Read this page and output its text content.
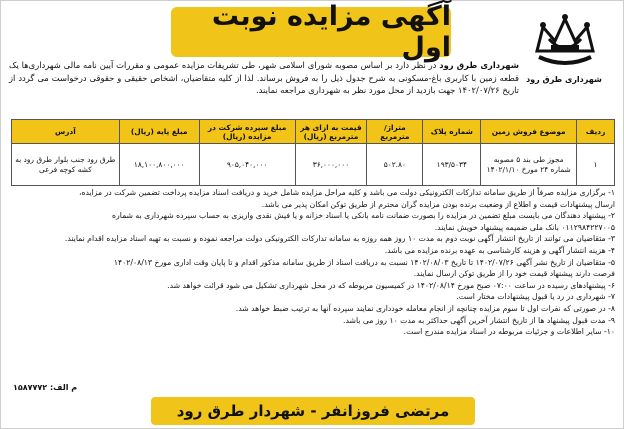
آگهی مزایده نوبت اول
شهرداری طرق رود

شهرداری طرق رود در نظر دارد بر اساس مصوبه شورای اسلامی شهر، طی تشریفات مزایده عمومی و مقررات آیین نامه مالی شهرداری‌ها یک قطعه زمین با کاربری باغ-مسکونی به شرح جدول ذیل را به فروش برساند. لذا از کلیه متقاضیان، اشخاص حقیقی و حقوقی درخواست می گردد از تاریخ ۱۴۰۲/۰۷/۲۶ جهت بازدید از محل مورد نظر به شهرداری مراجعه نمایند.

ردیف	موضوع فروش زمین	شماره پلاک	متراژ/مترمربع	قیمت به ازای هر مترمربع (ریال)	مبلغ سپرده شرکت در مزایده (ریال)	مبلغ پایه (ریال)	آدرس
۱	مجوز طی بند ۵ مصوبه شماره ۲۴ مورخ ۱۴۰۲/۱/۱۰	۱۹۳/۵۰۳۴	۵۰۲.۸۰	۳۶,۰۰۰,۰۰۰	۹۰۵,۰۴۰,۰۰۰	۱۸,۱۰۰,۸۰۰,۰۰۰	طرق رود جنب بلوار طرق رود به کشه کوچه فرعی
۱- برگزاری مزایده صرفاً از طریق سامانه تدارکات الکترونیکی دولت می باشد و کلیه مراحل مزایده شامل خرید و دریافت اسناد مزایده پرداخت تضمین شرکت در مزایده،
ارسال پیشنهادات قیمت و اطلاع از وضعیت برنده بودن مزایده گران محترم از طریق توکن امکان پذیر می باشد.
۲- پیشنهاد دهندگان می بایست مبلغ تضمین در مزایده را بصورت ضمانت نامه بانکی یا اسناد خزانه و یا فیش نقدی واریزی به حساب سپرده شهرداری به شماره
۰۱۱۲۹۸۴۲۲۷۰۰۵ بانک ملی ضمیمه پیشنهاد خویش نمایند.
۳- متقاضیان می توانند از تاریخ انتشار آگهی نوبت دوم به مدت ۱۰ روز همه روزه به سامانه تدارکات الکترونیکی دولت مراجعه نموده و نسبت به تهیه اسناد مزایده اقدام نمایند.
۴- هزینه انتشار آگهی و هزینه کارشناسی به عهده برنده مزایده می باشد.
۵- متقاضیان از تاریخ نشر آگهی ۱۴۰۲/۰۷/۲۶ تا تاریخ ۱۴۰۲/۰۸/۰۳ نسبت به دریافت اسناد از طریق سامانه مذکور اقدام و تا پایان وقت اداری مورخ ۱۴۰۲/۰۸/۱۳
فرصت دارند پیشنهاد قیمت خود را از طریق توکن ارسال نمایند.
۶- پیشنهادهای رسیده در ساعت ۰۷:۰۰ صبح مورخ ۱۴۰۲/۰۸/۱۴ در کمیسیون مربوطه که در محل شهرداری تشکیل می شود قرائت خواهد شد.
۷- شهرداری در رد یا قبول پیشنهادات مختار است.
۸- در صورتی که نفرات اول تا سوم مزایده چنانچه از انجام معامله خودداری نمایند سپرده آنها به ترتیب ضبط خواهد شد.
۹- مدت قبول پیشنهاد ها از تاریخ انتشار آخرین آگهی حداکثر به مدت ۱۰ روز می باشد.
۱۰- سایر اطلاعات و جزئیات مربوطه در اسناد مزایده مندرج است.
م الف: ۱۵۸۷۷۷۲
مرتضی فروزانفر - شهردار طرق رود
